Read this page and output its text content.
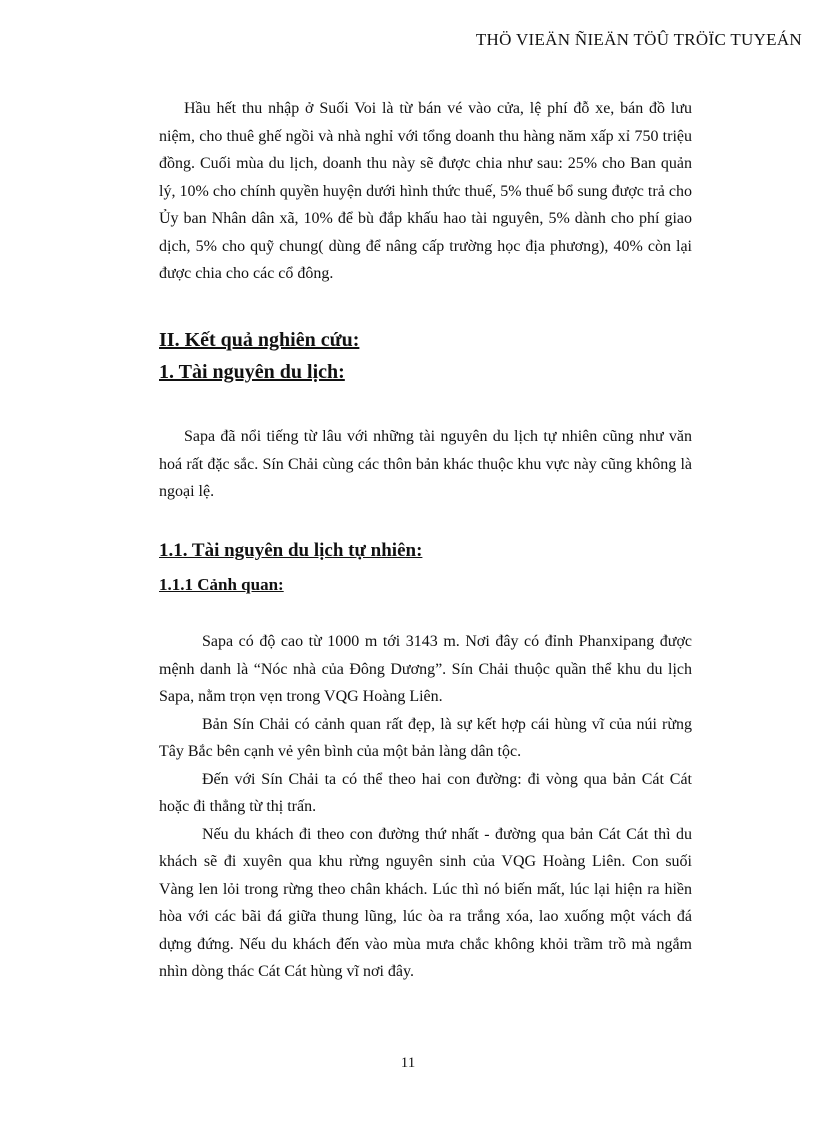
THÖ VIEÄN ÑIEÄN TÖÛ TRÖÏC TUYEÁN

Hầu hết thu nhập ở Suối Voi là từ bán vé vào cửa, lệ phí đỗ xe, bán đồ lưu niệm, cho thuê ghế ngồi và nhà nghỉ với tổng doanh thu hàng năm xấp xỉ 750 triệu đồng. Cuối mùa du lịch, doanh thu này sẽ được chia như sau: 25% cho Ban quản lý, 10% cho chính quyền huyện dưới hình thức thuế, 5% thuế bổ sung được trả cho Ủy ban Nhân dân xã, 10% để bù đắp khấu hao tài nguyên, 5% dành cho phí giao dịch, 5% cho quỹ chung( dùng để nâng cấp trường học địa phương), 40% còn lại được chia cho các cổ đông.

II. Kết quả nghiên cứu:
1. Tài nguyên du lịch:

Sapa đã nổi tiếng từ lâu với những tài nguyên du lịch tự nhiên cũng như văn hoá rất đặc sắc. Sín Chải cùng các thôn bản khác thuộc khu vực này cũng không là ngoại lệ.

1.1. Tài nguyên du lịch tự nhiên:
1.1.1 Cảnh quan:

Sapa có độ cao từ 1000 m tới 3143 m. Nơi đây có đỉnh Phanxipang được mệnh danh là “Nóc nhà của Đông Dương”. Sín Chải thuộc quần thể khu du lịch Sapa, nằm trọn vẹn trong VQG Hoàng Liên.

Bản Sín Chải có cảnh quan rất đẹp, là sự kết hợp cái hùng vĩ của núi rừng Tây Bắc bên cạnh vẻ yên bình của một bản làng dân tộc.

Đến với Sín Chải ta có thể theo hai con đường: đi vòng qua bản Cát Cát hoặc đi thẳng từ thị trấn.

Nếu du khách đi theo con đường thứ nhất - đường qua bản Cát Cát thì du khách sẽ đi xuyên qua khu rừng nguyên sinh của VQG Hoàng Liên. Con suối Vàng len lỏi trong rừng theo chân khách. Lúc thì nó biến mất, lúc lại hiện ra hiền hòa với các bãi đá giữa thung lũng, lúc òa ra trắng xóa, lao xuống một vách đá dựng đứng. Nếu du khách đến vào mùa mưa chắc không khỏi trầm trồ mà ngắm nhìn dòng thác Cát Cát hùng vĩ nơi đây.

11
